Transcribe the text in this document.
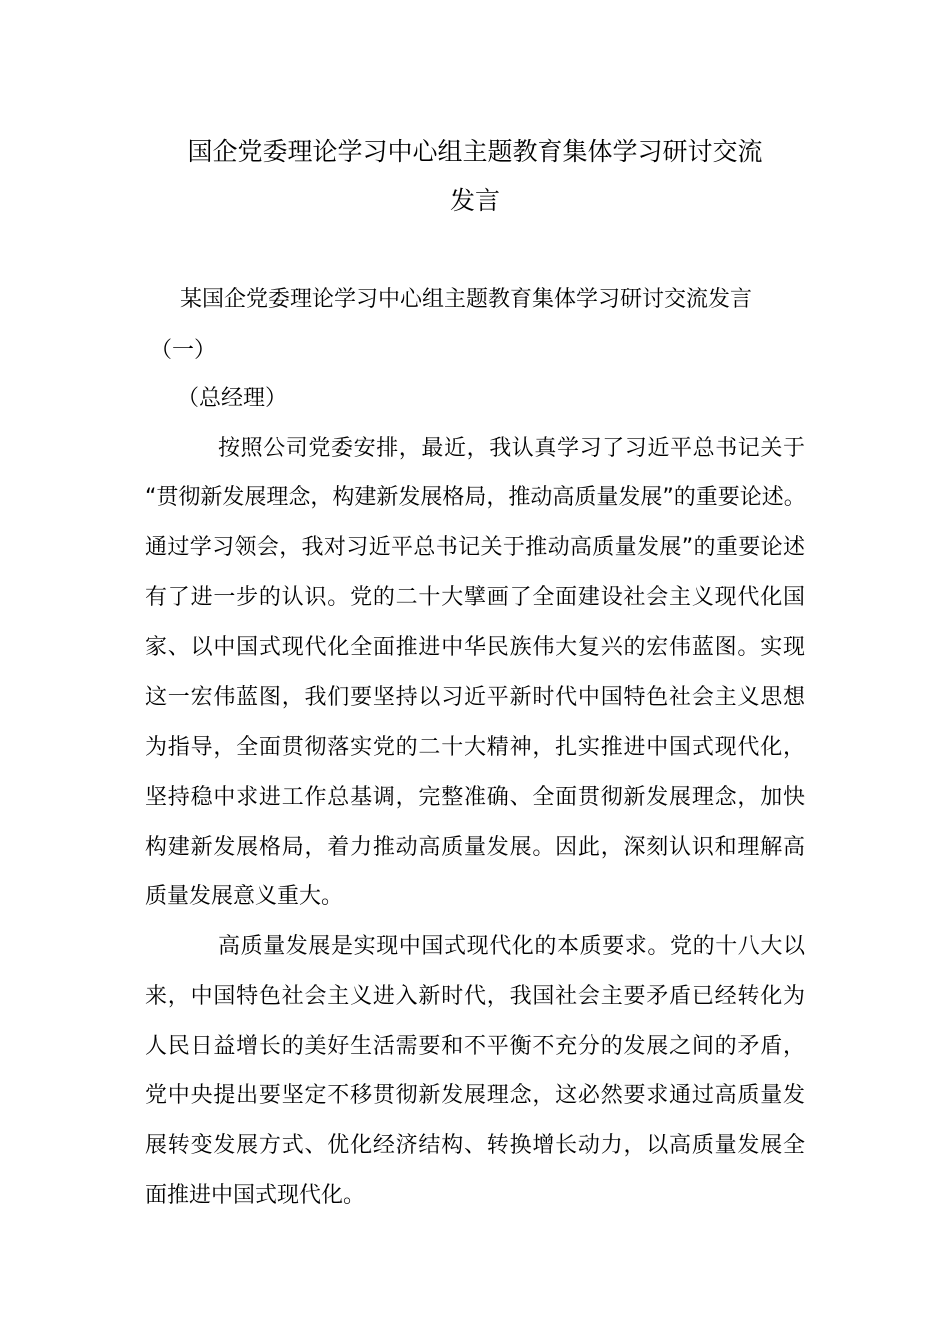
国企党委理论学习中心组主题教育集体学习研讨交流
发言
某国企党委理论学习中心组主题教育集体学习研讨交流发言
（一）
（总经理）
按照公司党委安排，最近，我认真学习了习近平总书记关于
“贯彻新发展理念，构建新发展格局，推动高质量发展”的重要论述。
通过学习领会，我对习近平总书记关于推动高质量发展”的重要论述
有了进一步的认识。党的二十大擘画了全面建设社会主义现代化国
家、以中国式现代化全面推进中华民族伟大复兴的宏伟蓝图。实现
这一宏伟蓝图，我们要坚持以习近平新时代中国特色社会主义思想
为指导，全面贯彻落实党的二十大精神，扎实推进中国式现代化，
坚持稳中求进工作总基调，完整准确、全面贯彻新发展理念，加快
构建新发展格局，着力推动高质量发展。因此，深刻认识和理解高
质量发展意义重大。
高质量发展是实现中国式现代化的本质要求。党的十八大以
来，中国特色社会主义进入新时代，我国社会主要矛盾已经转化为
人民日益增长的美好生活需要和不平衡不充分的发展之间的矛盾，
党中央提出要坚定不移贯彻新发展理念，这必然要求通过高质量发
展转变发展方式、优化经济结构、转换增长动力，以高质量发展全
面推进中国式现代化。
